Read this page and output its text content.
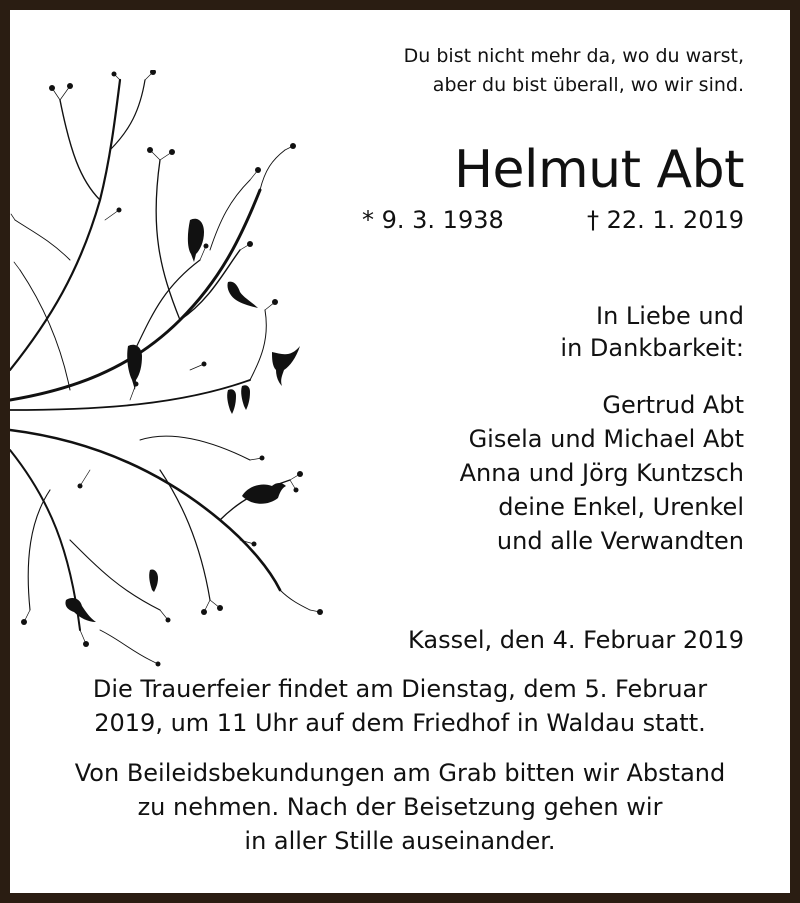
Du bist nicht mehr da, wo du warst,
aber du bist überall, wo wir sind.
Helmut Abt
* 9. 3. 1938	† 22. 1. 2019
In Liebe und
in Dankbarkeit:
Gertrud Abt
Gisela und Michael Abt
Anna und Jörg Kuntzsch
deine Enkel, Urenkel
und alle Verwandten
Kassel, den 4. Februar 2019
Die Trauerfeier findet am Dienstag, dem 5. Februar
2019, um 11 Uhr auf dem Friedhof in Waldau statt.
Von Beileidsbekundungen am Grab bitten wir Abstand
zu nehmen. Nach der Beisetzung gehen wir
in aller Stille auseinander.
